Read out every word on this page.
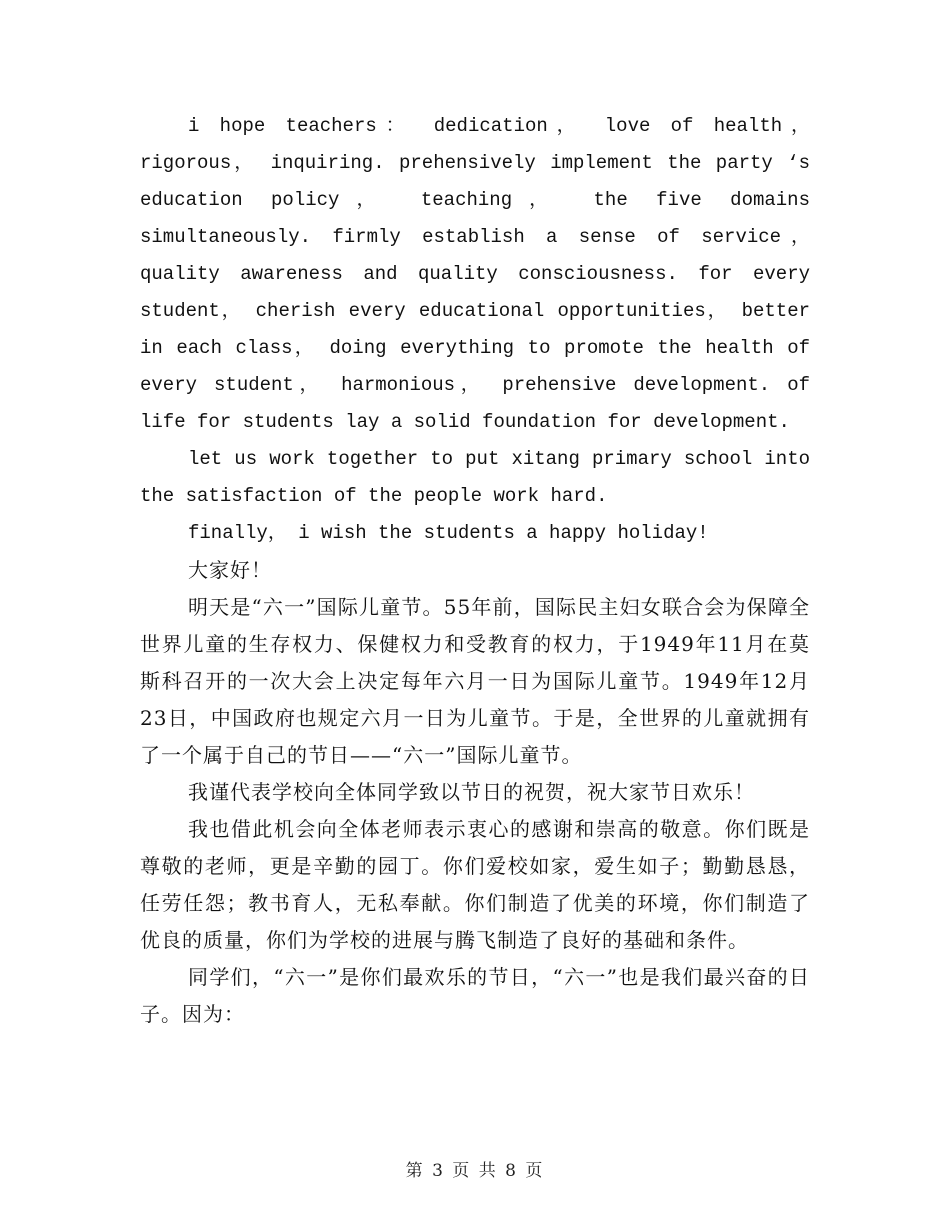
i hope teachers： dedication， love of health， rigorous， inquiring. prehensively implement the party ‘s education policy， teaching， the five domains simultaneously. firmly establish a sense of service， quality awareness and quality consciousness. for every student， cherish every educational opportunities， better in each class， doing everything to promote the health of every student， harmonious， prehensive development. of life for students lay a solid foundation for development.

let us work together to put xitang primary school into the satisfaction of the people work hard.

finally， i wish the students a happy holiday!

大家好！

明天是“六一”国际儿童节。55年前，国际民主妇女联合会为保障全世界儿童的生存权力、保健权力和受教育的权力，于1949年11月在莫斯科召开的一次大会上决定每年六月一日为国际儿童节。1949年12月23日，中国政府也规定六月一日为儿童节。于是，全世界的儿童就拥有了一个属于自己的节日——“六一”国际儿童节。

我谨代表学校向全体同学致以节日的祝贺，祝大家节日欢乐！

我也借此机会向全体老师表示衷心的感谢和崇高的敬意。你们既是尊敬的老师，更是辛勤的园丁。你们爱校如家，爱生如子；勤勤恳恳，任劳任怨；教书育人，无私奉献。你们制造了优美的环境，你们制造了优良的质量，你们为学校的进展与腾飞制造了良好的基础和条件。

同学们，“六一”是你们最欢乐的节日，“六一”也是我们最兴奋的日子。因为：

第 3 页 共 8 页
